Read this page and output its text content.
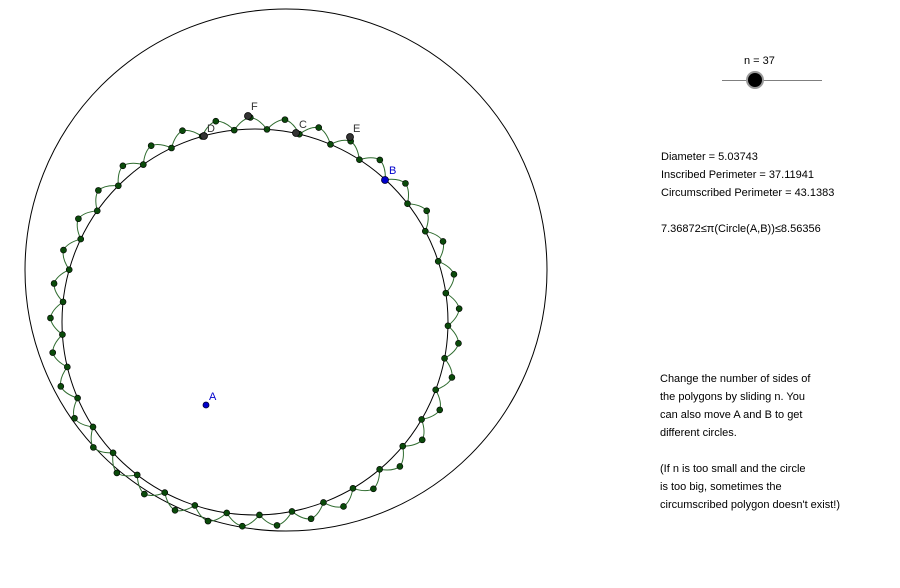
D	C
F
E
B
A
n = 37
Diameter = 5.03743
Inscribed Perimeter = 37.11941
Circumscribed Perimeter = 43.1383
7.36872≤π(Circle(A,B))≤8.56356
Change the number of sides of
the polygons by sliding n. You
can also move A and B to get
different circles.
(If n is too small and the circle
is too big, sometimes the
circumscribed polygon doesn't exist!)
